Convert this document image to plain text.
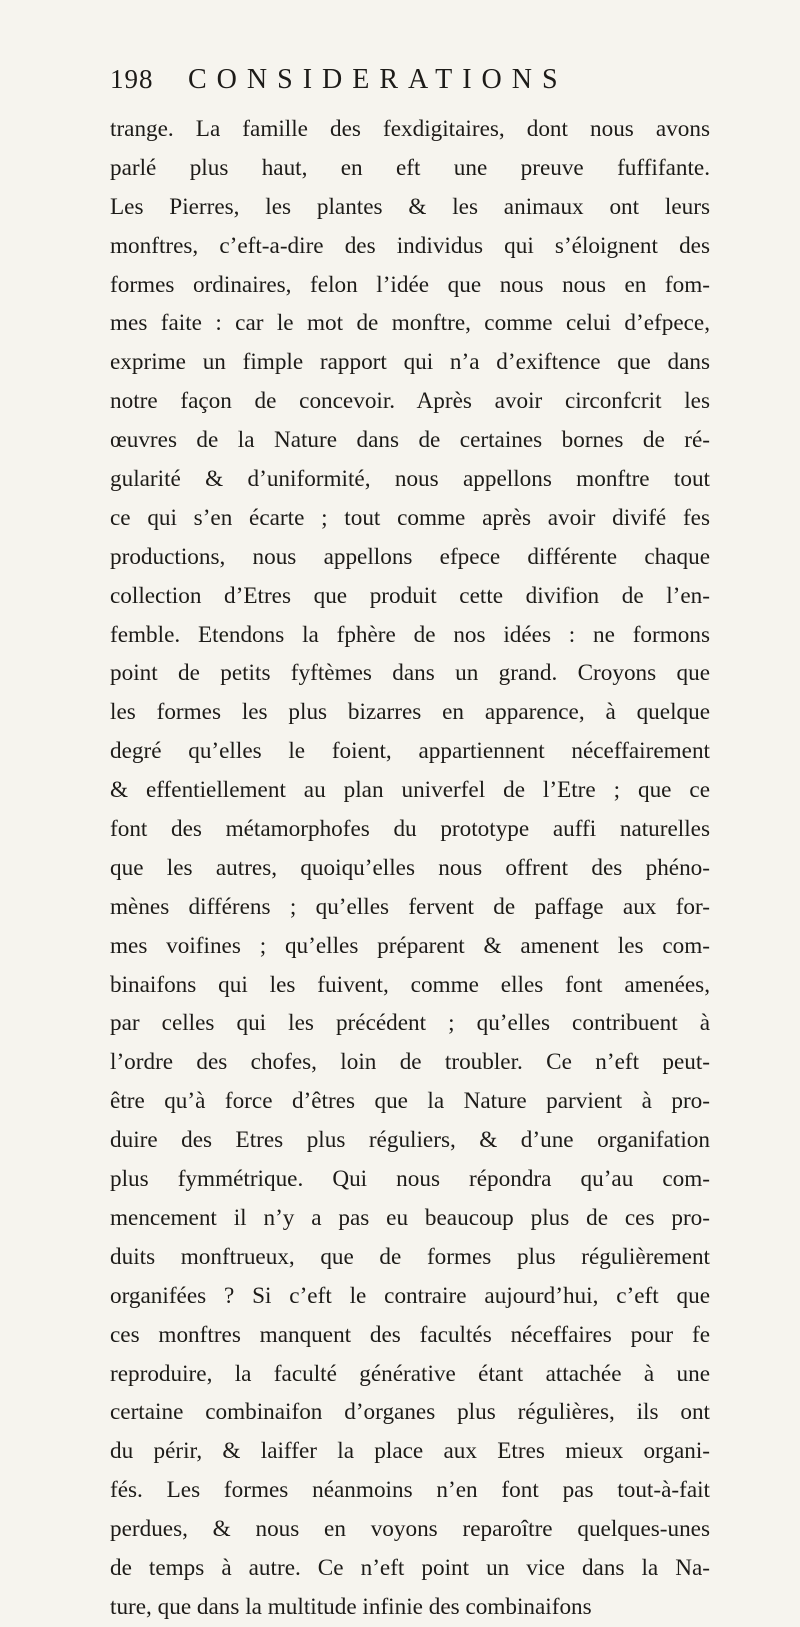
198 CONSIDERATIONS
trange. La famille des fexdigitaires, dont nous avons
parlé plus haut, en eft une preuve fuffifante.
Les Pierres, les plantes & les animaux ont leurs
monftres, c’eft-a-dire des individus qui s’éloignent des
formes ordinaires, felon l’idée que nous nous en fom-
mes faite : car le mot de monftre, comme celui d’efpece,
exprime un fimple rapport qui n’a d’exiftence que dans
notre façon de concevoir. Après avoir circonfcrit les
œuvres de la Nature dans de certaines bornes de ré-
gularité & d’uniformité, nous appellons monftre tout
ce qui s’en écarte ; tout comme après avoir divifé fes
productions, nous appellons efpece différente chaque
collection d’Etres que produit cette divifion de l’en-
femble. Etendons la fphère de nos idées : ne formons
point de petits fyftèmes dans un grand. Croyons que
les formes les plus bizarres en apparence, à quelque
degré qu’elles le foient, appartiennent néceffairement
& effentiellement au plan univerfel de l’Etre ; que ce
font des métamorphofes du prototype auffi naturelles
que les autres, quoiqu’elles nous offrent des phéno-
mènes différens ; qu’elles fervent de paffage aux for-
mes voifines ; qu’elles préparent & amenent les com-
binaifons qui les fuivent, comme elles font amenées,
par celles qui les précédent ; qu’elles contribuent à
l’ordre des chofes, loin de troubler. Ce n’eft peut-
être qu’à force d’êtres que la Nature parvient à pro-
duire des Etres plus réguliers, & d’une organifation
plus fymmétrique. Qui nous répondra qu’au com-
mencement il n’y a pas eu beaucoup plus de ces pro-
duits monftrueux, que de formes plus régulièrement
organifées ? Si c’eft le contraire aujourd’hui, c’eft que
ces monftres manquent des facultés néceffaires pour fe
reproduire, la faculté générative étant attachée à une
certaine combinaifon d’organes plus régulières, ils ont
du périr, & laiffer la place aux Etres mieux organi-
fés. Les formes néanmoins n’en font pas tout-à-fait
perdues, & nous en voyons reparoître quelques-unes
de temps à autre. Ce n’eft point un vice dans la Na-
ture, que dans la multitude infinie des combinaifons
